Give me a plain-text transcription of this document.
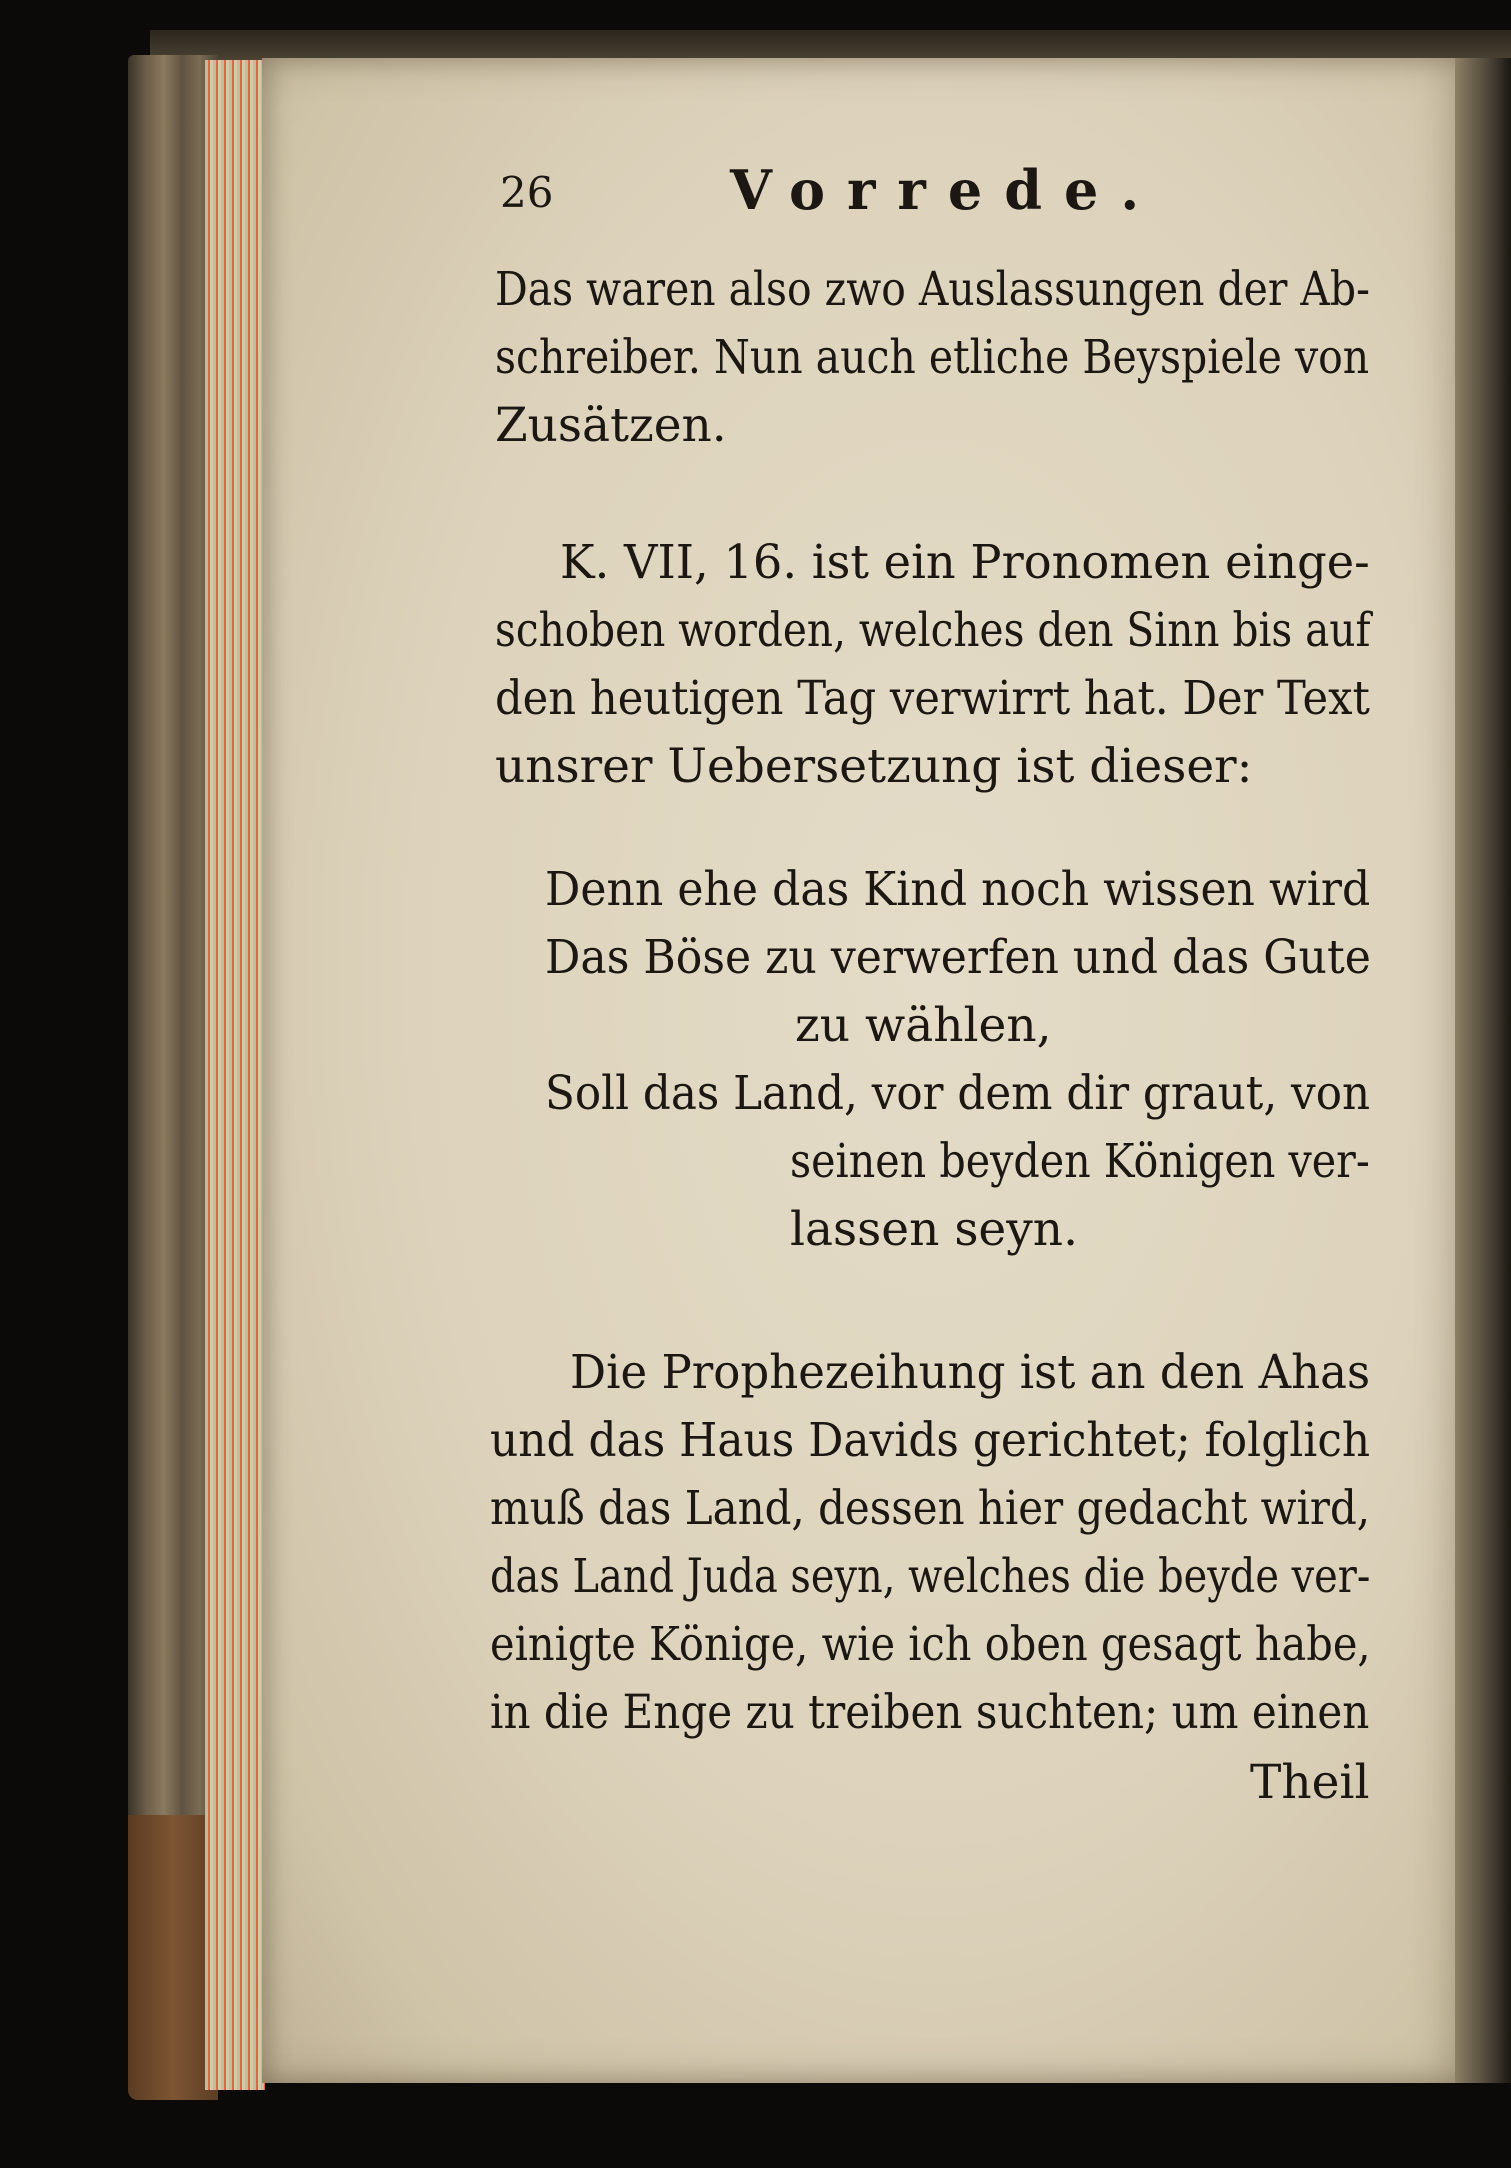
26	Vorrede.
Das waren also zwo Auslassungen der Ab-
schreiber. Nun auch etliche Beyspiele von
Zusätzen.
K. VII, 16. ist ein Pronomen einge-
schoben worden, welches den Sinn bis auf
den heutigen Tag verwirrt hat. Der Text
unsrer Uebersetzung ist dieser:
Denn ehe das Kind noch wissen wird
Das Böse zu verwerfen und das Gute
zu wählen,
Soll das Land, vor dem dir graut, von
seinen beyden Königen ver-
lassen seyn.
Die Prophezeihung ist an den Ahas
und das Haus Davids gerichtet; folglich
muß das Land, dessen hier gedacht wird,
das Land Juda seyn, welches die beyde ver-
einigte Könige, wie ich oben gesagt habe,
in die Enge zu treiben suchten; um einen
Theil
